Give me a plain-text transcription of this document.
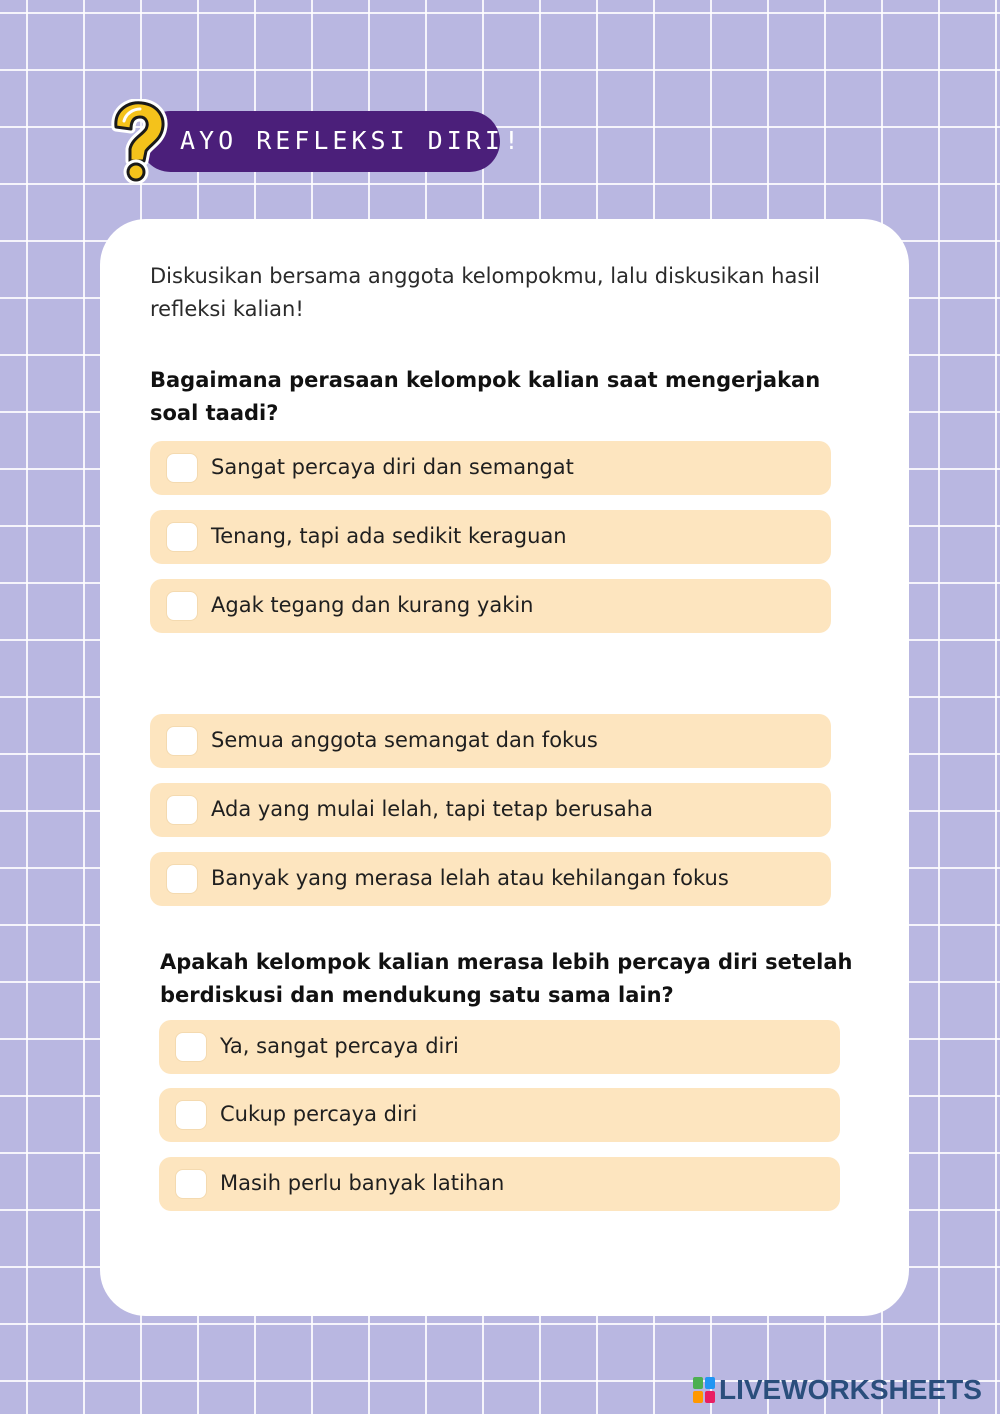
AYO REFLEKSI DIRI!
Diskusikan bersama anggota kelompokmu, lalu diskusikan hasil refleksi kalian!
Bagaimana perasaan kelompok kalian saat mengerjakan soal taadi?
Sangat percaya diri dan semangat
Tenang, tapi ada sedikit keraguan
Agak tegang dan kurang yakin
Semua anggota semangat dan fokus
Ada yang mulai lelah, tapi tetap berusaha
Banyak yang merasa lelah atau kehilangan fokus
Apakah kelompok kalian merasa lebih percaya diri setelah berdiskusi dan mendukung satu sama lain?
Ya, sangat percaya diri
Cukup percaya diri
Masih perlu banyak latihan
LIVEWORKSHEETS
